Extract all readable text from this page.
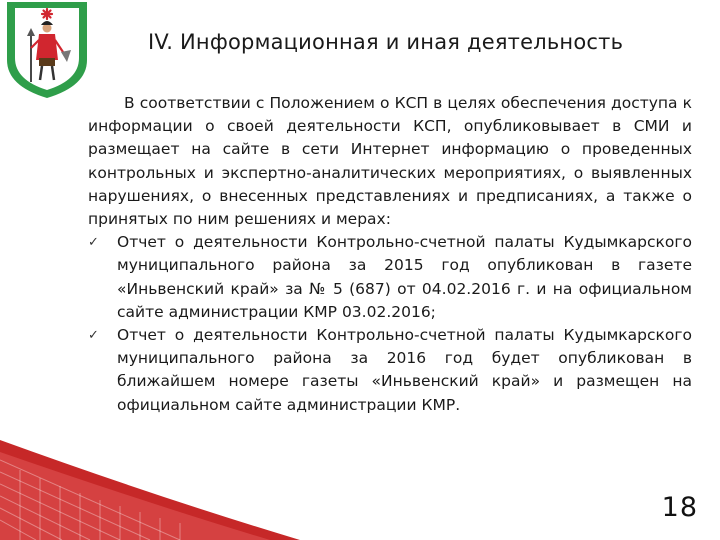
IV. Информационная и иная деятельность

В соответствии с Положением о КСП в целях обеспечения доступа к информации о своей деятельности КСП, опубликовывает в СМИ и размещает на сайте в сети Интернет информацию о проведенных контрольных и экспертно-аналитических мероприятиях, о выявленных нарушениях, о внесенных представлениях и предписаниях, а также о принятых по ним решениях и мерах:

✓ Отчет о деятельности Контрольно-счетной палаты Кудымкарского муниципального района за 2015 год опубликован в газете «Иньвенский край» за № 5 (687) от 04.02.2016 г. и на официальном сайте администрации КМР 03.02.2016;
✓ Отчет о деятельности Контрольно-счетной палаты Кудымкарского муниципального района за 2016 год будет опубликован в ближайшем номере газеты «Иньвенский край» и размещен на официальном сайте администрации КМР.
18
